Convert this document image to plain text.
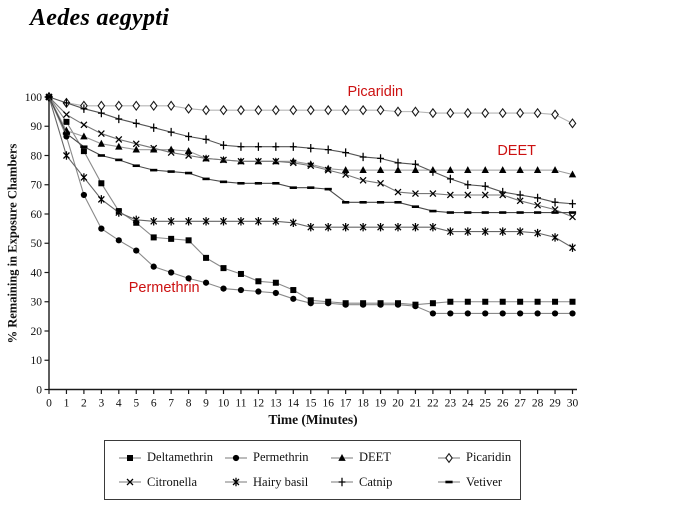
Aedes aegypti
0
10
20
30
40
50
60
70
80
90
100
0 1 2 3 4 5 6 7 8 9 10 11 12 13 14 15 16 17 18 19 20 21 22 23 24 25 26 27 28 29 30
Picaridin
DEET
Permethrin
% Remaining in Exposure Chambers
Time (Minutes)
Deltamethrin	Permethrin	DEET	Picaridin
Citronella	Hairy basil	Catnip	Vetiver
